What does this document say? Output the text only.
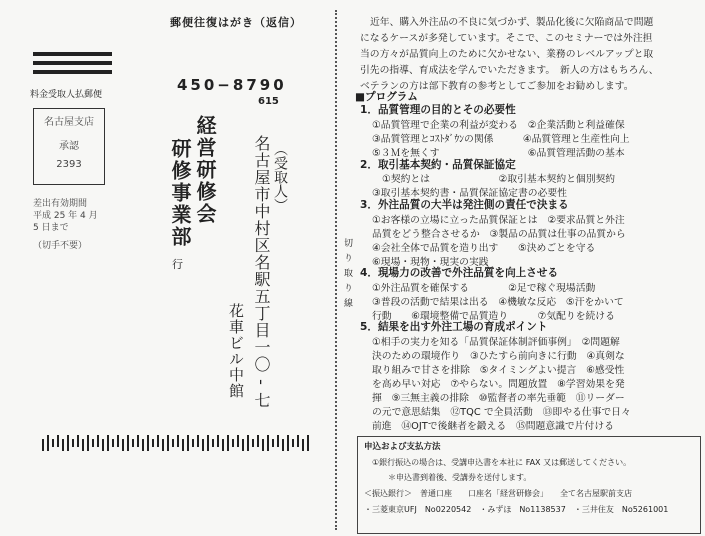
郵便往復はがき（返信）
料金受取人払郵便
名古屋支店
承認
2393
差出有効期間
平成 25 年 4 月
5 日まで
（切手不要）
450−8790
615
経営研修会
研修事業部
行
（受取人）
名古屋市中村区名駅五丁目一〇 - 七
花車ビル中館
切り取り線
近年、購入外注品の不良に気づかず、製品化後に欠陥商品で問題
になるケースが多発しています。そこで、このセミナーでは外注担
当の方々が品質向上のために欠かせない、業務のレベルアップと取
引先の指導、育成法を学んでいただきます。　新人の方はもちろん、
ベテランの方は部下教育の参考としてご参加をお勧めします。
■プログラム
1．品質管理の目的とその必要性
①品質管理で企業の利益が変わる　②企業活動と利益確保
③品質管理とｺｽﾄﾀﾞｳﾝの関係　　　④品質管理と生産性向上
⑤３Ｍを無くす　　　　　　　　　⑥品質管理活動の基本
2．取引基本契約・品質保証協定
①契約とは　　　　　　　②取引基本契約と個別契約
③取引基本契約書・品質保証協定書の必要性
3．外注品質の大半は発注側の責任で決まる
①お客様の立場に立った品質保証とは　②要求品質と外注
品質をどう整合させるか　③製品の品質は仕事の品質から
④会社全体で品質を造り出す　　⑤決めごとを守る
⑥現場・現物・現実の実践
4．現場力の改善で外注品質を向上させる
①外注品質を確保する　　　　②足で稼ぐ現場活動
③普段の活動で結果は出る　④機敏な反応　⑤汗をかいて
行動　　⑥環境整備で品質造り　　　⑦気配りを続ける
5．結果を出す外注工場の育成ポイント
①相手の実力を知る「品質保証体制評価事例」　②問題解
決のための環境作り　③ひたすら前向きに行動　④真剣な
取り組みで甘さを排除　⑤タイミングよい提言　⑥感受性
を高め早い対応　⑦やらない。問題放置　⑧学習効果を発
揮　⑨三無主義の排除　⑩監督者の率先垂範　⑪リーダー
の元で意思結集　⑫TQC で全員活動　⑬即やる仕事で日々
前進　⑭OJTで後継者を鍛える　⑮問題意識で片付ける
申込および支払方法
①銀行振込の場合は、受講申込書を本社に FAX 又は郵送してください。
＊申込書到着後、受講券を送付します。
＜振込銀行＞　普通口座　　口座名「経営研修会」　　全て名古屋駅前支店
・三菱東京UFJ　No0220542　・みずほ　No1138537　・三井住友　No5261001
